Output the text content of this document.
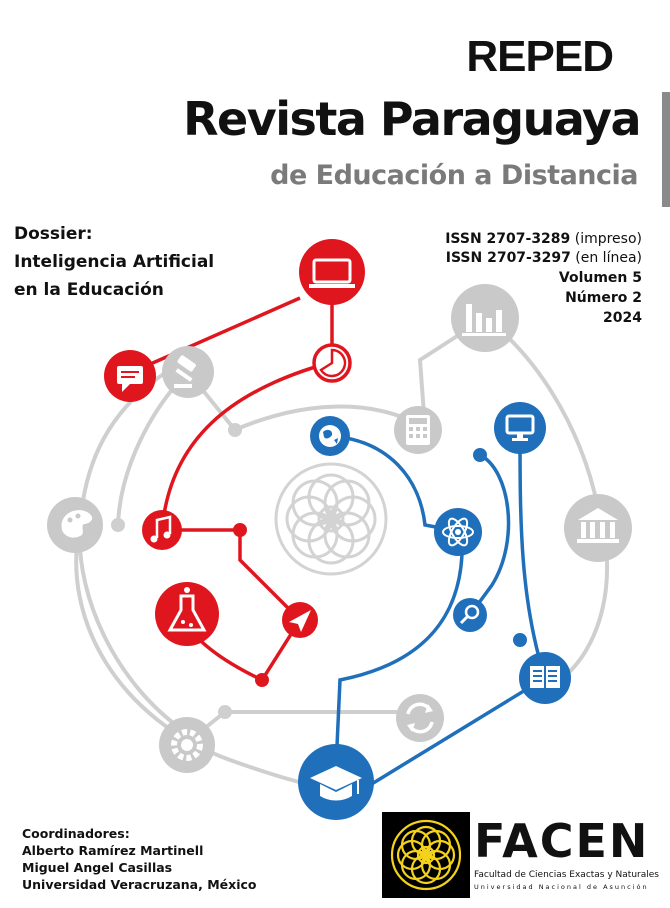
REPED
Revista Paraguaya
de Educación a Distancia
Dossier:
Inteligencia Artificial
en la Educación
ISSN 2707-3289 (impreso)
ISSN 2707-3297 (en línea)
Volumen 5
Número 2
2024
Coordinadores:
Alberto Ramírez Martinell
Miguel Angel Casillas
Universidad Veracruzana, México
FACEN
Facultad de Ciencias Exactas y Naturales
Universidad Nacional de Asunción
